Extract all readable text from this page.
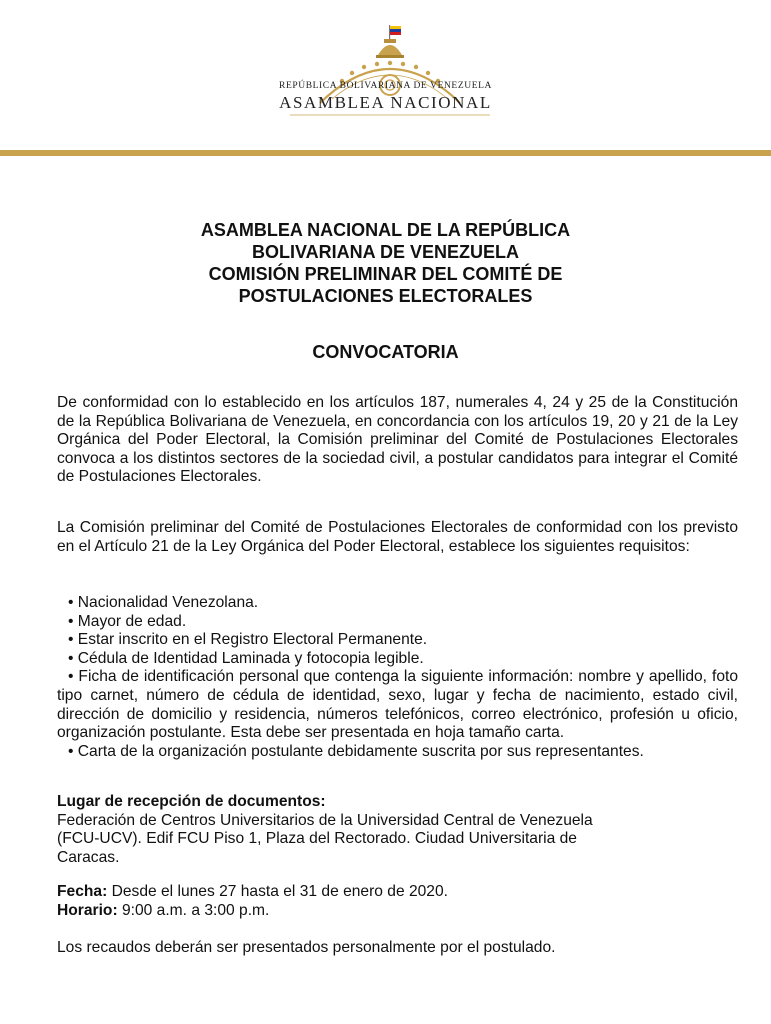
REPÚBLICA BOLIVARIANA DE VENEZUELA
ASAMBLEA NACIONAL
ASAMBLEA NACIONAL DE LA REPÚBLICA
BOLIVARIANA DE VENEZUELA
COMISIÓN PRELIMINAR DEL COMITÉ DE
POSTULACIONES ELECTORALES
CONVOCATORIA
De conformidad con lo establecido en los artículos 187, numerales 4, 24 y 25 de la Constitución de la República Bolivariana de Venezuela, en concordancia con los artículos 19, 20 y 21 de la Ley Orgánica del Poder Electoral, la Comisión preliminar del Comité de Postulaciones Electorales convoca a los distintos sectores de la sociedad civil, a postular candidatos para integrar el Comité de Postulaciones Electorales.
La Comisión preliminar del Comité de Postulaciones Electorales de conformidad con los previsto en el Artículo 21 de la Ley Orgánica del Poder Electoral, establece los siguientes requisitos:
• Nacionalidad Venezolana.
• Mayor de edad.
• Estar inscrito en el Registro Electoral Permanente.
• Cédula de Identidad Laminada y fotocopia legible.
• Ficha de identificación personal que contenga la siguiente información: nombre y apellido, foto tipo carnet, número de cédula de identidad, sexo, lugar y fecha de nacimiento, estado civil, dirección de domicilio y residencia, números telefónicos, correo electrónico, profesión u oficio, organización postulante. Esta debe ser presentada en hoja tamaño carta.
• Carta de la organización postulante debidamente suscrita por sus representantes.
Lugar de recepción de documentos:
Federación de Centros Universitarios de la Universidad Central de Venezuela
(FCU-UCV). Edif FCU Piso 1, Plaza del Rectorado. Ciudad Universitaria de
Caracas.
Fecha: Desde el lunes 27 hasta el 31 de enero de 2020.
Horario: 9:00 a.m. a 3:00 p.m.
Los recaudos deberán ser presentados personalmente por el postulado.
